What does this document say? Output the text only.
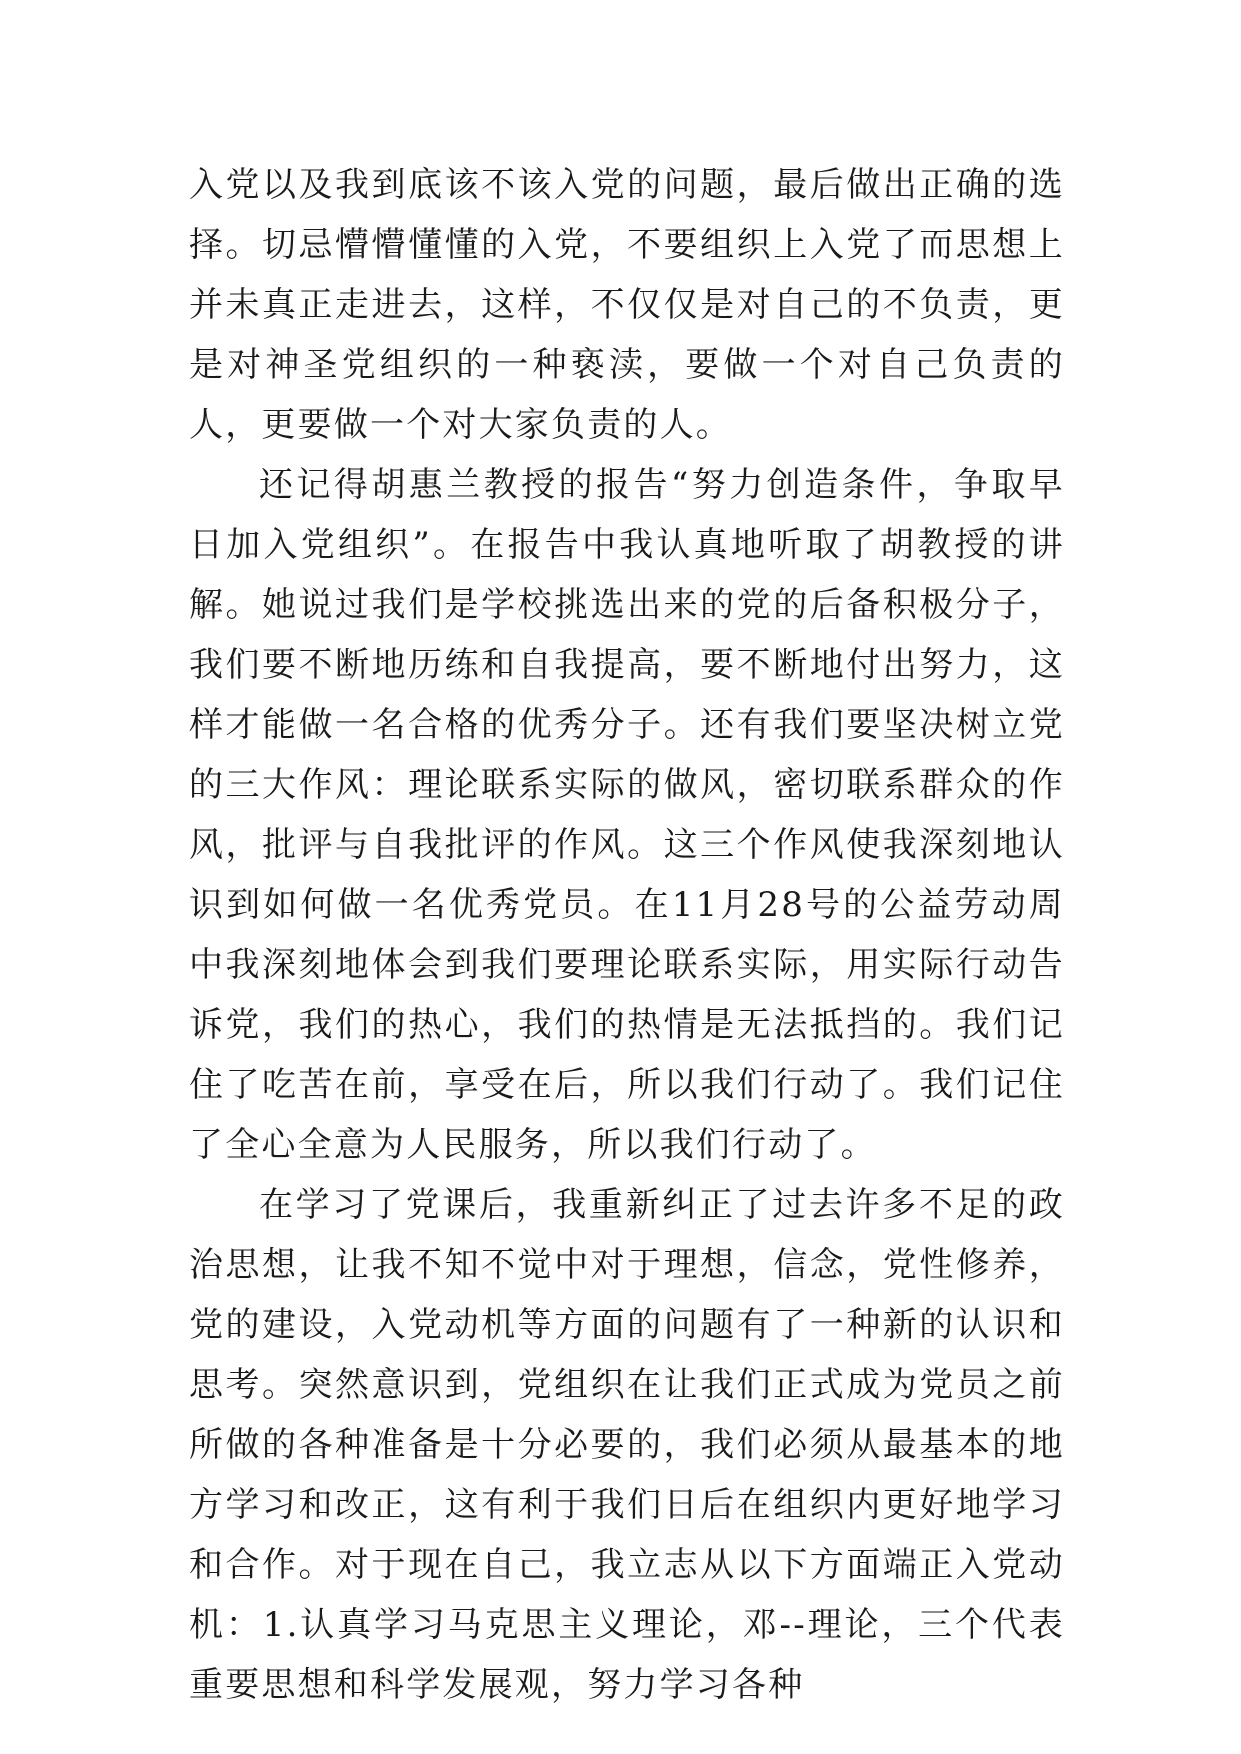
入党以及我到底该不该入党的问题，最后做出正确的选择。切忌懵懵懂懂的入党，不要组织上入党了而思想上并未真正走进去，这样，不仅仅是对自己的不负责，更是对神圣党组织的一种亵渎，要做一个对自己负责的人，更要做一个对大家负责的人。

还记得胡惠兰教授的报告“努力创造条件，争取早日加入党组织”。在报告中我认真地听取了胡教授的讲解。她说过我们是学校挑选出来的党的后备积极分子，我们要不断地历练和自我提高，要不断地付出努力，这样才能做一名合格的优秀分子。还有我们要坚决树立党的三大作风：理论联系实际的做风，密切联系群众的作风，批评与自我批评的作风。这三个作风使我深刻地认识到如何做一名优秀党员。在11月28号的公益劳动周中我深刻地体会到我们要理论联系实际，用实际行动告诉党，我们的热心，我们的热情是无法抵挡的。我们记住了吃苦在前，享受在后，所以我们行动了。我们记住了全心全意为人民服务，所以我们行动了。

在学习了党课后，我重新纠正了过去许多不足的政治思想，让我不知不觉中对于理想，信念，党性修养，党的建设，入党动机等方面的问题有了一种新的认识和思考。突然意识到，党组织在让我们正式成为党员之前所做的各种准备是十分必要的，我们必须从最基本的地方学习和改正，这有利于我们日后在组织内更好地学习和合作。对于现在自己，我立志从以下方面端正入党动机：1.认真学习马克思主义理论，邓--理论，三个代表重要思想和科学发展观，努力学习各种
